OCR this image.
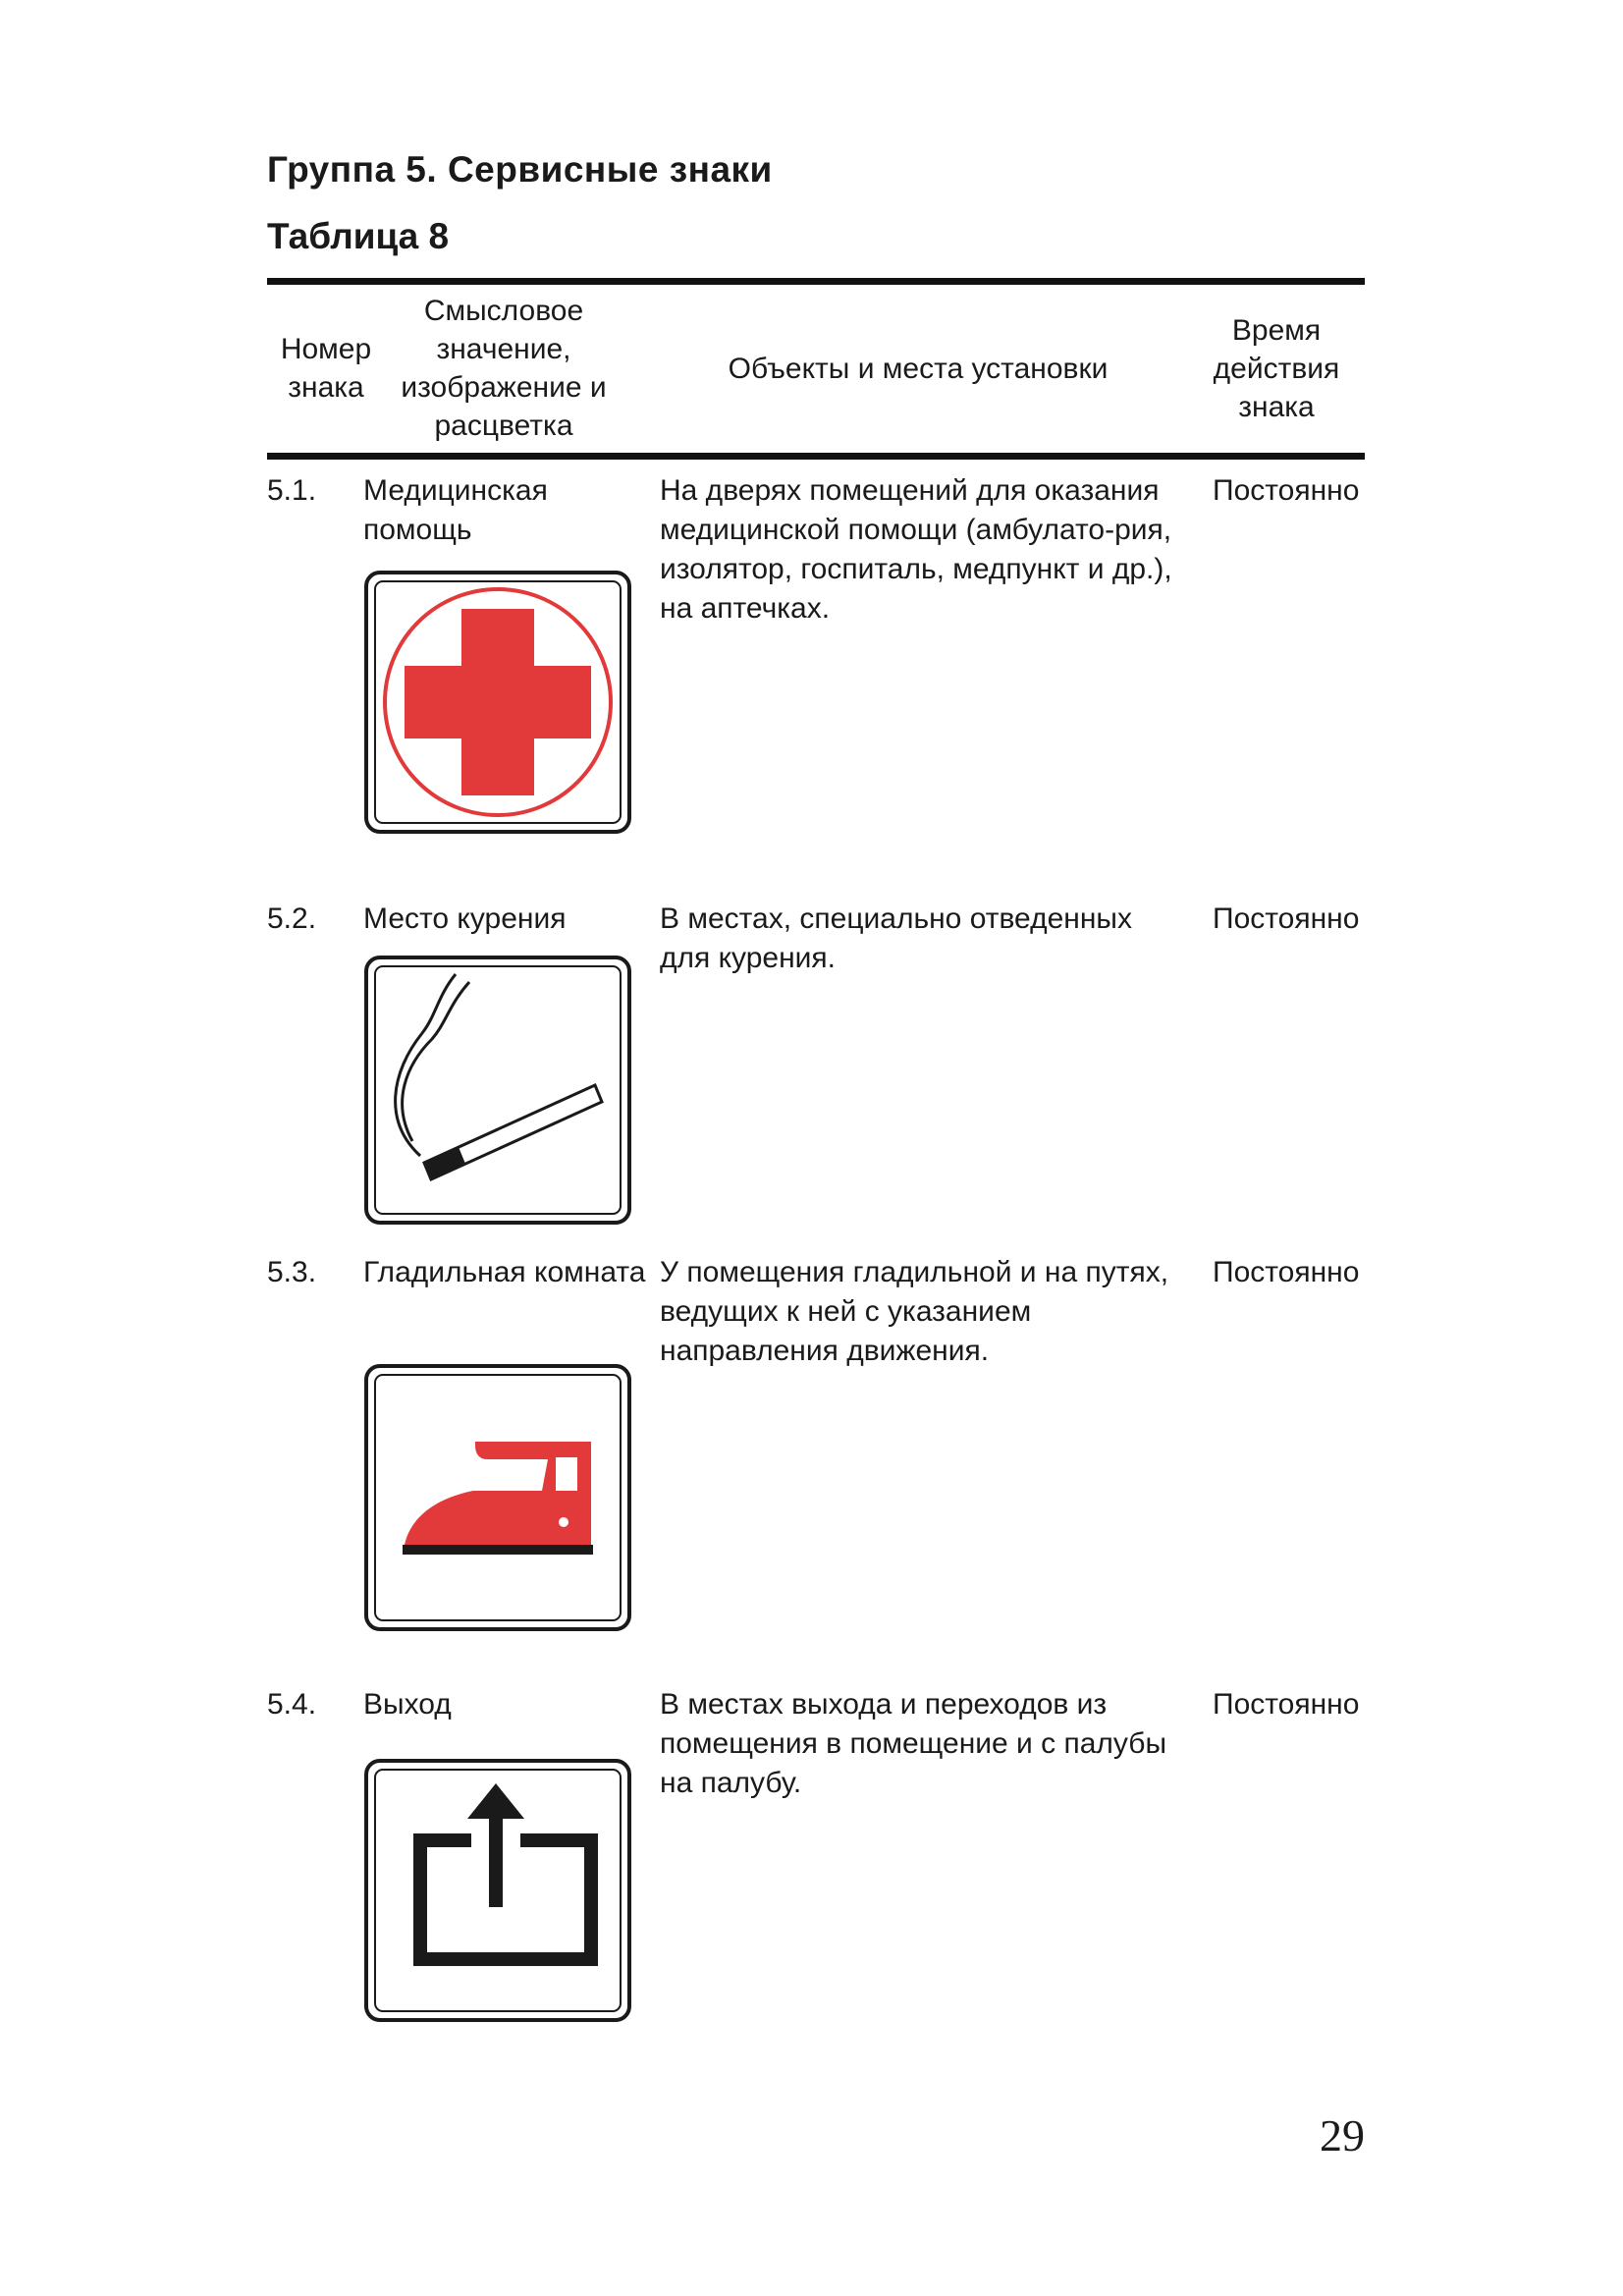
Группа 5. Сервисные знаки
Таблица 8
Номер знака
Смысловое значение, изображение и расцветка
Объекты и места установки
Время действия знака
5.1. Медицинская помощь
На дверях помещений для оказания медицинской помощи (амбулато-рия, изолятор, госпиталь, медпункт и др.), на аптечках.
Постоянно
5.2. Место курения	В местах, специально отведенных для курения.
Постоянно
5.3. Гладильная комната У помещения гладильной и на путях, ведущих к ней с указанием направления движения.
Постоянно
5.4. Выход	В местах выхода и переходов из помещения в помещение и с палубы на палубу.
Постоянно
29
